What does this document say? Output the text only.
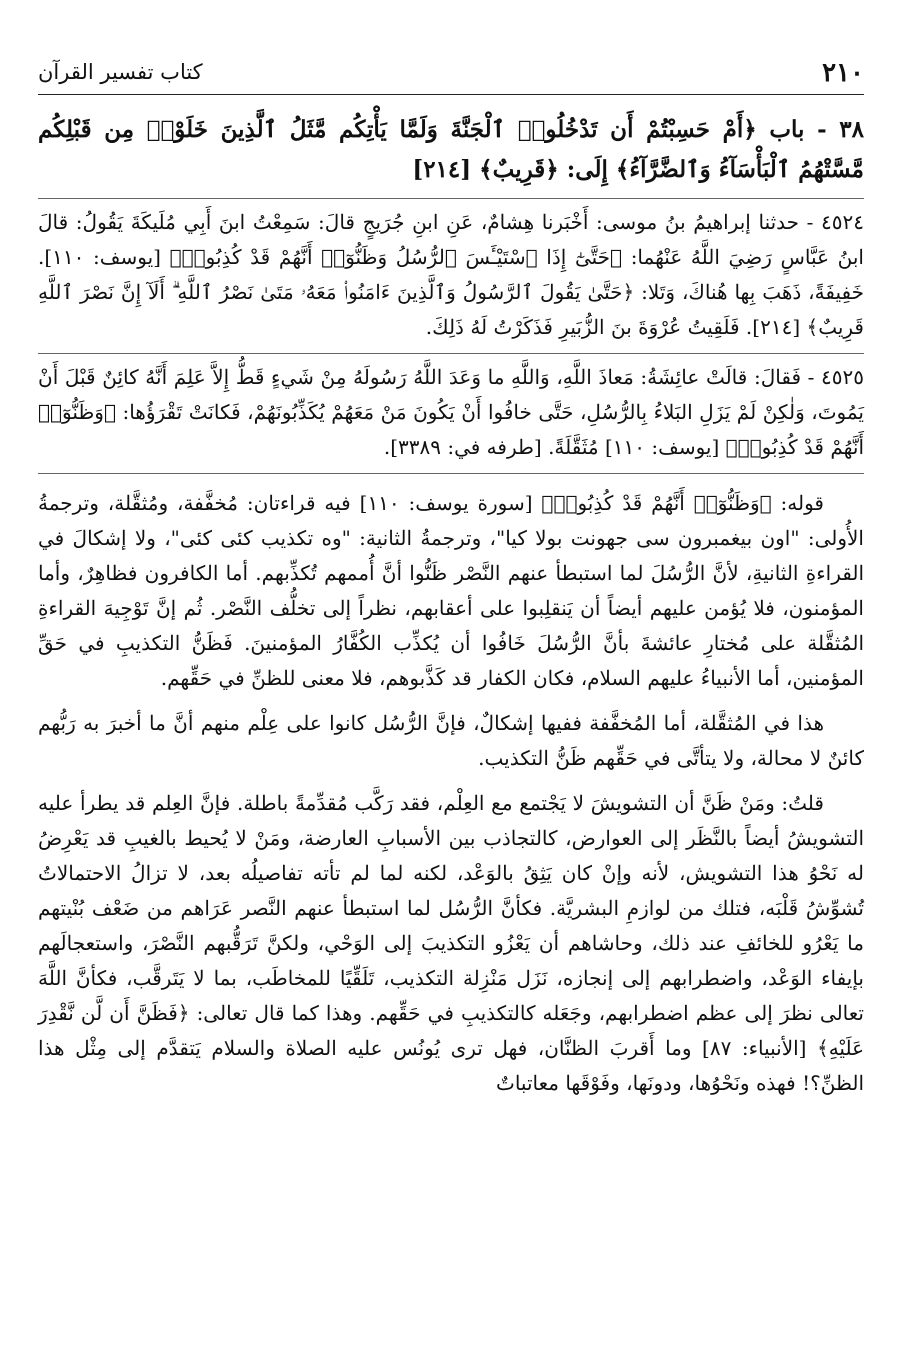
٢١٠
كتاب تفسير القرآن
٣٨ - باب ﴿أَمْ حَسِبْتُمْ أَن تَدْخُلُوا۟ ٱلْجَنَّةَ وَلَمَّا يَأْتِكُم مَّثَلُ ٱلَّذِينَ خَلَوْا۟ مِن قَبْلِكُم مَّسَّتْهُمُ ٱلْبَأْسَآءُ وَٱلضَّرَّآءُ﴾ إِلَى: ﴿قَرِيبٌ﴾ [٢١٤]

٤٥٢٤ - حدثنا إبراهيمُ بنُ موسى: أَخْبَرنا هِشامٌ، عَنِ ابنِ جُرَيجٍ قالَ: سَمِعْتُ ابنَ أَبِي مُلَيكَةَ يَقُولُ: قالَ ابنُ عَبَّاسٍ رَضِيَ اللَّهُ عَنْهُما: ﴿حَتَّىٰٓ إِذَا ٱسْتَيْـَٔسَ ٱلرُّسُلُ وَظَنُّوٓا۟ أَنَّهُمْ قَدْ كُذِبُوا۟﴾ [يوسف: ١١٠]. خَفِيفَةً، ذَهَبَ بِها هُناكَ، وَتَلا: ﴿حَتَّىٰ يَقُولَ ٱلرَّسُولُ وَٱلَّذِينَ ءَامَنُوا۟ مَعَهُۥ مَتَىٰ نَصْرُ ٱللَّهِ ۗ أَلَآ إِنَّ نَصْرَ ٱللَّهِ قَرِيبٌ﴾ [٢١٤]. فَلَقِيتُ عُرْوَةَ بنَ الزُّبَيرِ فَذَكَرْتُ لَهُ ذَلِكَ.

٤٥٢٥ - فَقالَ: قالَتْ عائِشَةُ: مَعاذَ اللَّهِ، وَاللَّهِ ما وَعَدَ اللَّهُ رَسُولَهُ مِنْ شَيءٍ قَطُّ إِلاَّ عَلِمَ أَنَّهُ كائِنٌ قَبْلَ أَنْ يَمُوتَ، وَلٰكِنْ لَمْ يَزَلِ البَلاءُ بِالرُّسُلِ، حَتَّى خافُوا أَنْ يَكُونَ مَنْ مَعَهُمْ يُكَذِّبُونَهُمْ، فَكانَتْ تَقْرَؤُها: ﴿وَظَنُّوٓا۟ أَنَّهُمْ قَدْ كُذِبُوا۟﴾ [يوسف: ١١٠] مُثَقَّلَةً. [طرفه في: ٣٣٨٩].

قوله: ﴿وَظَنُّوٓا۟ أَنَّهُمْ قَدْ كُذِبُوا۟﴾ [سورة يوسف: ١١٠] فيه قراءتان: مُخفَّفة، ومُثقَّلة، وترجمةُ الأُولى: "اون بيغمبرون سى جهونت بولا كيا"، وترجمةُ الثانية: "وه تكذيب كئى كئى"، ولا إشكالَ في القراءةِ الثانيةِ، لأنَّ الرُّسُلَ لما استبطأ عنهم النَّصْر ظَنُّوا أنَّ أُممهم تُكذِّبهم. أما الكافرون فظاهِرٌ، وأما المؤمنون، فلا يُؤمن عليهم أيضاً أن يَنقلِبوا على أعقابهم، نظراً إلى تخلُّف النَّصْر. ثُم إنَّ تَوْجِيهَ القراءةِ المُثقَّلة على مُختارِ عائشةَ بأنَّ الرُّسُلَ خَافُوا أن يُكذِّب الكُفَّارُ المؤمنينَ. فَظَنُّ التكذيبِ في حَقِّ المؤمنين، أما الأنبياءُ عليهم السلام، فكان الكفار قد كَذَّبوهم، فلا معنى للظنِّ في حَقِّهم.

هذا في المُثقَّلة، أما المُخفَّفة ففيها إشكالٌ، فإنَّ الرُّسُل كانوا على عِلْم منهم أنَّ ما أخبرَ به رَبُّهم كائنٌ لا محالة، ولا يتأتَّى في حَقِّهم ظَنُّ التكذيب.

قلتُ: ومَنْ ظَنَّ أن التشويشَ لا يَجْتمع مع العِلْم، فقد رَكَّب مُقدِّمةً باطلة. فإنَّ العِلم قد يطرأ عليه التشويشُ أيضاً بالنَّظَر إلى العوارض، كالتجاذب بين الأسبابِ العارضة، ومَنْ لا يُحيط بالغيبِ قد يَعْرِضُ له نَحْوُ هذا التشويش، لأنه وإنْ كان يَثِقُ بالوَعْد، لكنه لما لم تأته تفاصيلُه بعد، لا تزالُ الاحتمالاتُ تُشوِّشُ قَلْبَه، فتلك من لوازمِ البشريَّة. فكأنَّ الرُّسُل لما استبطأ عنهم النَّصر عَرَاهم من ضَعْف بُنْيتهم ما يَعْرُو للخائفِ عند ذلك، وحاشاهم أن يَعْزُو التكذيبَ إلى الوَحْي، ولكنَّ تَرَقُّبهم النَّصْرَ، واستعجالَهم بإيفاء الوَعْد، واضطرابهم إلى إنجازه، نَزَل مَنْزِلة التكذيب، تَلَقِّيًا للمخاطَب، بما لا يَتَرقَّب، فكأنَّ اللَّهَ تعالى نظرَ إلى عظم اضطرابهم، وجَعَله كالتكذيبِ في حَقِّهم. وهذا كما قال تعالى: ﴿فَظَنَّ أَن لَّن نَّقْدِرَ عَلَيْهِ﴾ [الأنبياء: ٨٧] وما أَقربَ الظنَّان، فهل ترى يُونُس عليه الصلاة والسلام يَتقدَّم إلى مِثْل هذا الظنِّ؟! فهذه ونَحْوُها، ودونَها، وفَوْقَها معاتباتٌ
